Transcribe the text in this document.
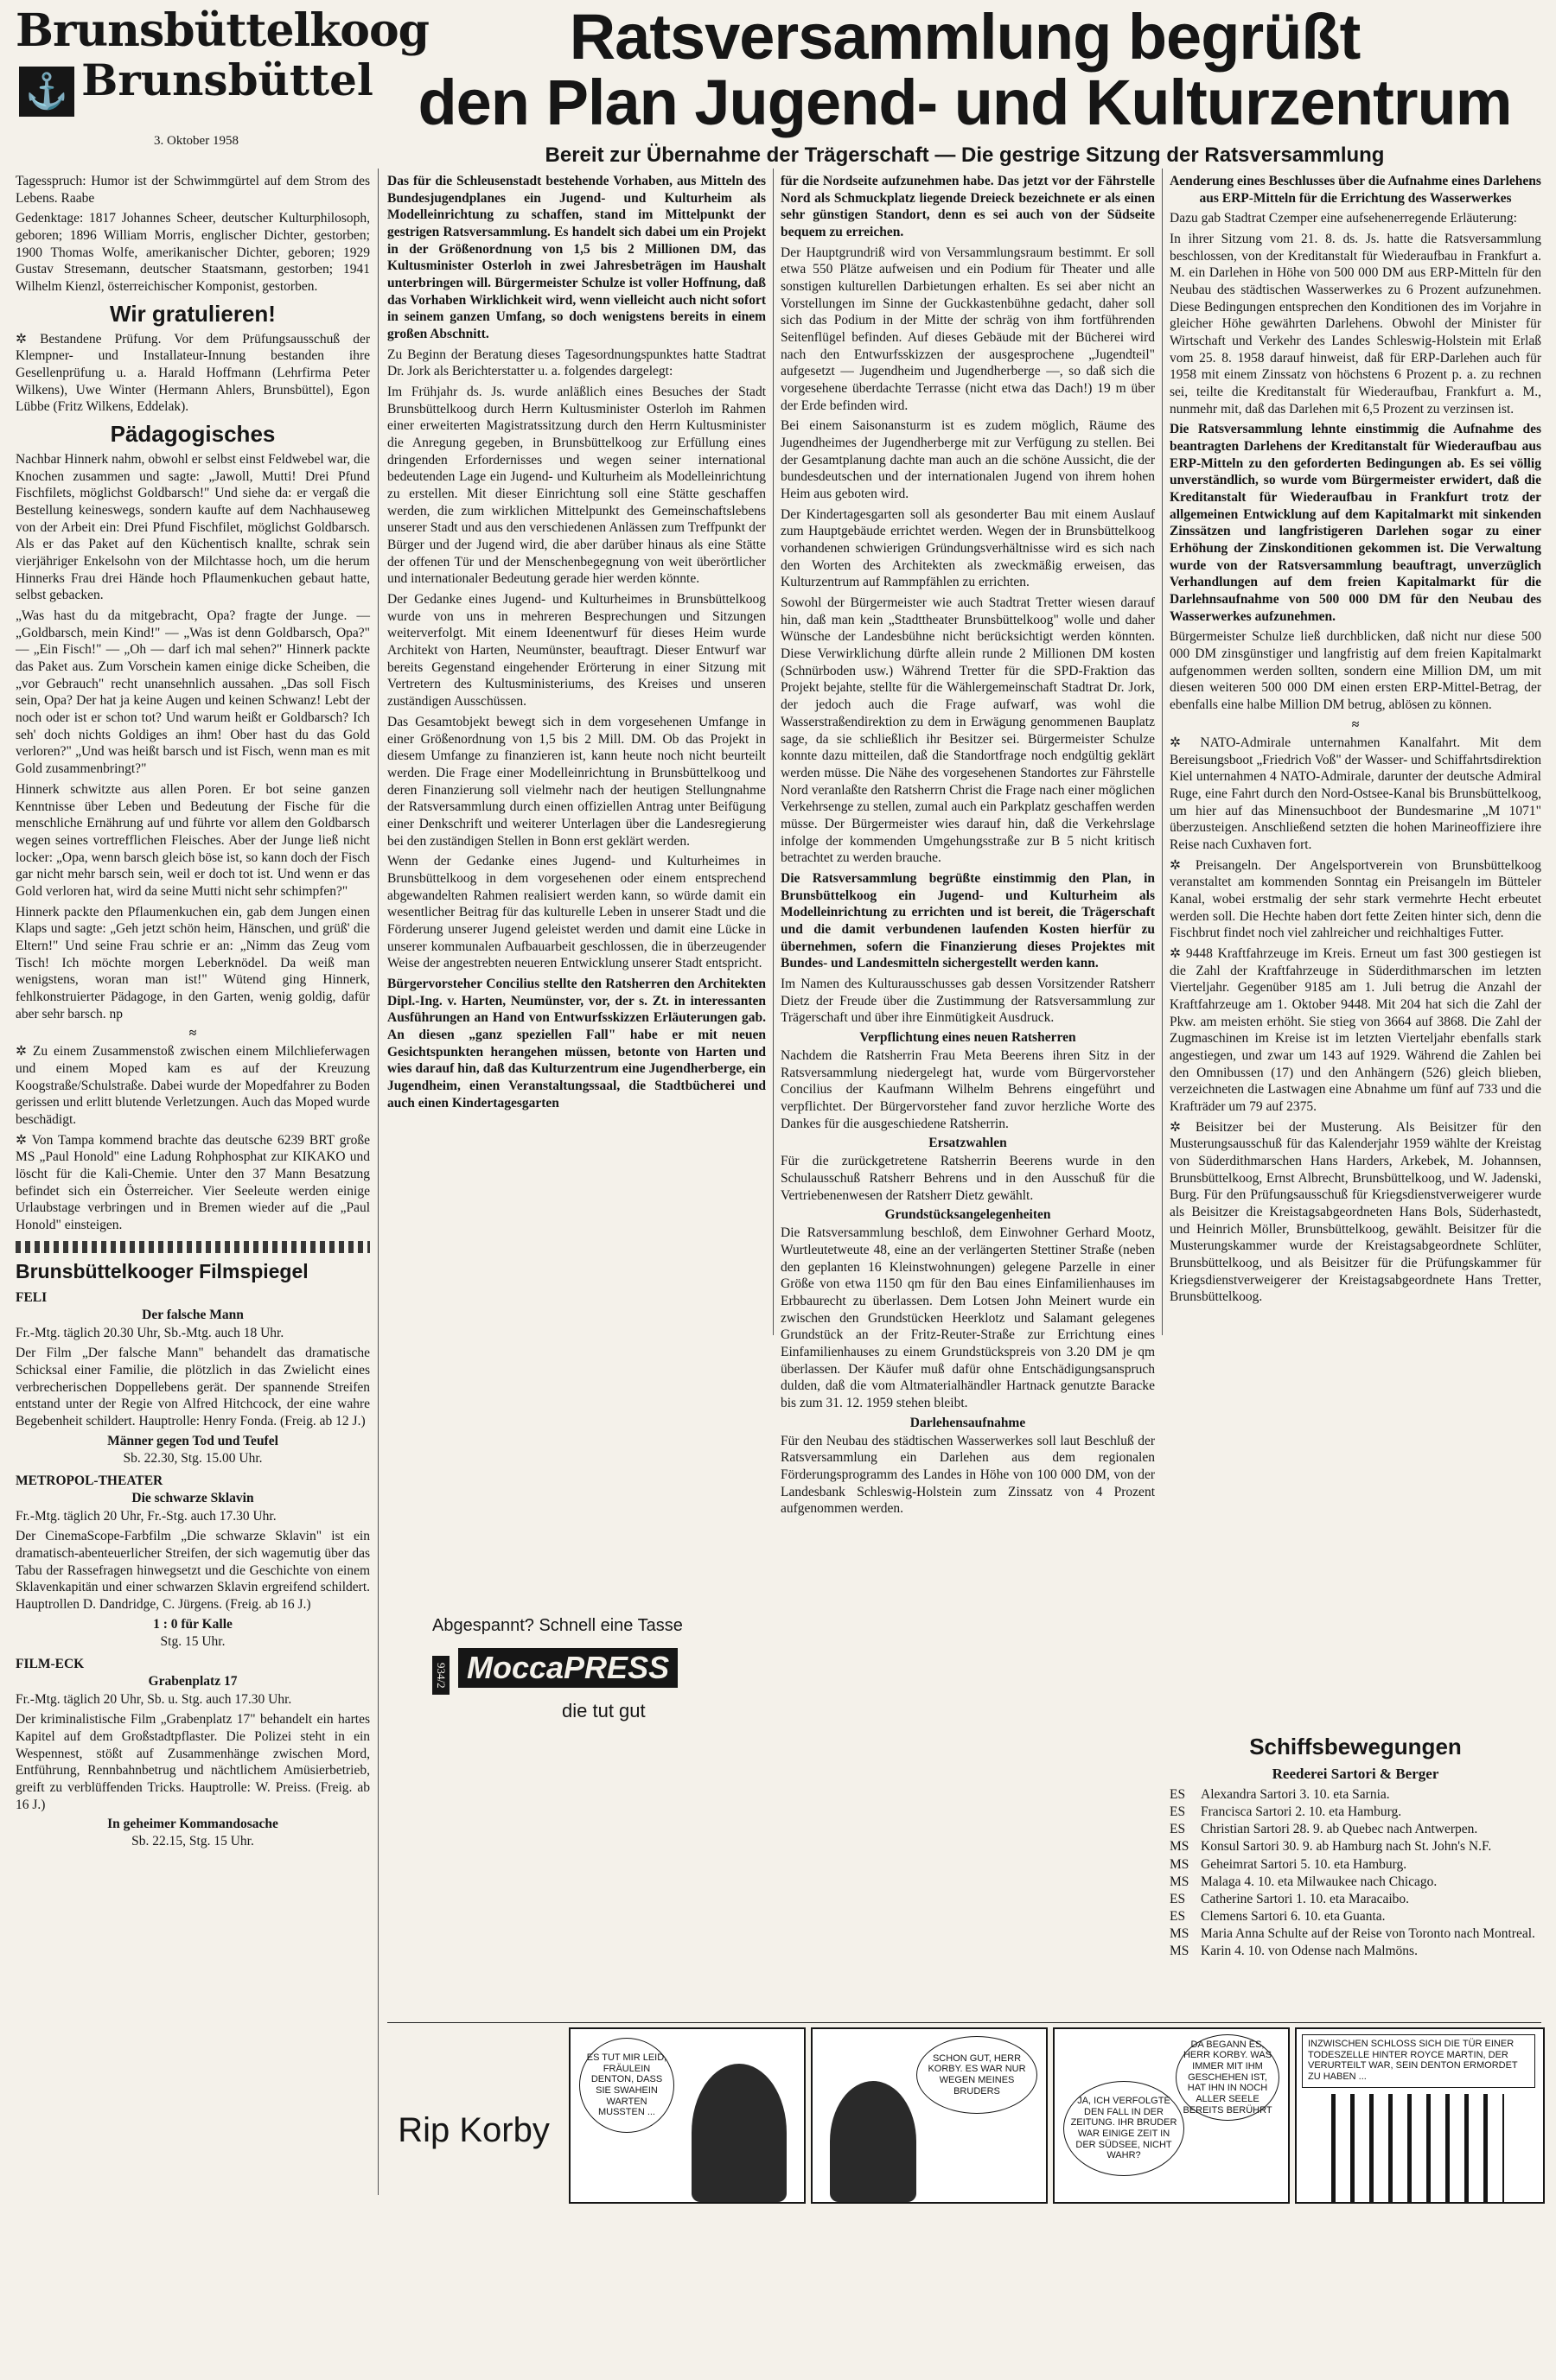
Brunsbüttelkoog
⚓ Brunsbüttel
3. Oktober 1958
Ratsversammlung begrüßt
den Plan Jugend- und Kulturzentrum
Bereit zur Übernahme der Trägerschaft — Die gestrige Sitzung der Ratsversammlung

Tagesspruch: Humor ist der Schwimmgürtel auf dem Strom des Lebens. Raabe

Gedenktage: 1817 Johannes Scheer, deutscher Kulturphilosoph, geboren; 1896 William Morris, englischer Dichter, gestorben; 1900 Thomas Wolfe, amerikanischer Dichter, geboren; 1929 Gustav Stresemann, deutscher Staatsmann, gestorben; 1941 Wilhelm Kienzl, österreichischer Komponist, gestorben.

Wir gratulieren!

✲ Bestandene Prüfung. Vor dem Prüfungsausschuß der Klempner- und Installateur-Innung bestanden ihre Gesellenprüfung u. a. Harald Hoffmann (Lehrfirma Peter Wilkens), Uwe Winter (Hermann Ahlers, Brunsbüttel), Egon Lübbe (Fritz Wilkens, Eddelak).

Pädagogisches

Nachbar Hinnerk nahm, obwohl er selbst einst Feldwebel war, die Knochen zusammen und sagte: „Jawoll, Mutti! Drei Pfund Fischfilets, möglichst Goldbarsch!" Und siehe da: er vergaß die Bestellung keineswegs, sondern kaufte auf dem Nachhauseweg von der Arbeit ein: Drei Pfund Fischfilet, möglichst Goldbarsch. Als er das Paket auf den Küchentisch knallte, schrak sein vierjähriger Enkelsohn von der Milchtasse hoch, um die herum Hinnerks Frau drei Hände hoch Pflaumenkuchen gebaut hatte, selbst gebacken.

„Was hast du da mitgebracht, Opa? fragte der Junge. — „Goldbarsch, mein Kind!" — „Was ist denn Goldbarsch, Opa?" — „Ein Fisch!" — „Oh — darf ich mal sehen?" Hinnerk packte das Paket aus. Zum Vorschein kamen einige dicke Scheiben, die „vor Gebrauch" recht unansehnlich aussahen. „Das soll Fisch sein, Opa? Der hat ja keine Augen und keinen Schwanz! Lebt der noch oder ist er schon tot? Und warum heißt er Goldbarsch? Ich seh' doch nichts Goldiges an ihm! Ober hast du das Gold verloren?" „Und was heißt barsch und ist Fisch, wenn man es mit Gold zusammenbringt?"

Hinnerk schwitzte aus allen Poren. Er bot seine ganzen Kenntnisse über Leben und Bedeutung der Fische für die menschliche Ernährung auf und führte vor allem den Goldbarsch wegen seines vortrefflichen Fleisches. Aber der Junge ließ nicht locker: „Opa, wenn barsch gleich böse ist, so kann doch der Fisch gar nicht mehr barsch sein, weil er doch tot ist. Und wenn er das Gold verloren hat, wird da seine Mutti nicht sehr schimpfen?"

Hinnerk packte den Pflaumenkuchen ein, gab dem Jungen einen Klaps und sagte: „Geh jetzt schön heim, Hänschen, und grüß' die Eltern!" Und seine Frau schrie er an: „Nimm das Zeug vom Tisch! Ich möchte morgen Leberknödel. Da weiß man wenigstens, woran man ist!" Wütend ging Hinnerk, fehlkonstruierter Pädagoge, in den Garten, wenig goldig, dafür aber sehr barsch. np

≈

✲ Zu einem Zusammenstoß zwischen einem Milchlieferwagen und einem Moped kam es auf der Kreuzung Koogstraße/Schulstraße. Dabei wurde der Mopedfahrer zu Boden gerissen und erlitt blutende Verletzungen. Auch das Moped wurde beschädigt.

✲ Von Tampa kommend brachte das deutsche 6239 BRT große MS „Paul Honold" eine Ladung Rohphosphat zur KIKAKO und löscht für die Kali-Chemie. Unter den 37 Mann Besatzung befindet sich ein Österreicher. Vier Seeleute werden einige Urlaubstage verbringen und in Bremen wieder auf die „Paul Honold" einsteigen.

Brunsbüttelkooger Filmspiegel
FELI
Der falsche Mann

Fr.-Mtg. täglich 20.30 Uhr, Sb.-Mtg. auch 18 Uhr.

Der Film „Der falsche Mann" behandelt das dramatische Schicksal einer Familie, die plötzlich in das Zwielicht eines verbrecherischen Doppellebens gerät. Der spannende Streifen entstand unter der Regie von Alfred Hitchcock, der eine wahre Begebenheit schildert. Hauptrolle: Henry Fonda. (Freig. ab 12 J.)

Männer gegen Tod und Teufel
Sb. 22.30, Stg. 15.00 Uhr.
METROPOL-THEATER
Die schwarze Sklavin

Fr.-Mtg. täglich 20 Uhr, Fr.-Stg. auch 17.30 Uhr.

Der CinemaScope-Farbfilm „Die schwarze Sklavin" ist ein dramatisch-abenteuerlicher Streifen, der sich wagemutig über das Tabu der Rassefragen hinwegsetzt und die Geschichte von einem Sklavenkapitän und einer schwarzen Sklavin ergreifend schildert. Hauptrollen D. Dandridge, C. Jürgens. (Freig. ab 16 J.)

1 : 0 für Kalle
Stg. 15 Uhr.
FILM-ECK
Grabenplatz 17

Fr.-Mtg. täglich 20 Uhr, Sb. u. Stg. auch 17.30 Uhr.

Der kriminalistische Film „Grabenplatz 17" behandelt ein hartes Kapitel auf dem Großstadtpflaster. Die Polizei steht in ein Wespennest, stößt auf Zusammenhänge zwischen Mord, Entführung, Rennbahnbetrug und nächtlichem Amüsierbetrieb, greift zu verblüffenden Tricks. Hauptrolle: W. Preiss. (Freig. ab 16 J.)

In geheimer Kommandosache
Sb. 22.15, Stg. 15 Uhr.

Das für die Schleusenstadt bestehende Vorhaben, aus Mitteln des Bundesjugendplanes ein Jugend- und Kulturheim als Modelleinrichtung zu schaffen, stand im Mittelpunkt der gestrigen Ratsversammlung. Es handelt sich dabei um ein Projekt in der Größenordnung von 1,5 bis 2 Millionen DM, das Kultusminister Osterloh in zwei Jahresbeträgen im Haushalt unterbringen will. Bürgermeister Schulze ist voller Hoffnung, daß das Vorhaben Wirklichkeit wird, wenn vielleicht auch nicht sofort in seinem ganzen Umfang, so doch wenigstens bereits in einem großen Abschnitt.

Zu Beginn der Beratung dieses Tagesordnungspunktes hatte Stadtrat Dr. Jork als Berichterstatter u. a. folgendes dargelegt:

Im Frühjahr ds. Js. wurde anläßlich eines Besuches der Stadt Brunsbüttelkoog durch Herrn Kultusminister Osterloh im Rahmen einer erweiterten Magistratssitzung durch den Herrn Kultusminister die Anregung gegeben, in Brunsbüttelkoog zur Erfüllung eines dringenden Erfordernisses und wegen seiner international bedeutenden Lage ein Jugend- und Kulturheim als Modelleinrichtung zu erstellen. Mit dieser Einrichtung soll eine Stätte geschaffen werden, die zum wirklichen Mittelpunkt des Gemeinschaftslebens unserer Stadt und aus den verschiedenen Anlässen zum Treffpunkt der Bürger und der Jugend wird, die aber darüber hinaus als eine Stätte der offenen Tür und der Menschenbegegnung von weit überörtlicher und internationaler Bedeutung gerade hier werden könnte.

Der Gedanke eines Jugend- und Kulturheimes in Brunsbüttelkoog wurde von uns in mehreren Besprechungen und Sitzungen weiterverfolgt. Mit einem Ideenentwurf für dieses Heim wurde Architekt von Harten, Neumünster, beauftragt. Dieser Entwurf war bereits Gegenstand eingehender Erörterung in einer Sitzung mit Vertretern des Kultusministeriums, des Kreises und unseren zuständigen Ausschüssen.

Das Gesamtobjekt bewegt sich in dem vorgesehenen Umfange in einer Größenordnung von 1,5 bis 2 Mill. DM. Ob das Projekt in diesem Umfange zu finanzieren ist, kann heute noch nicht beurteilt werden. Die Frage einer Modelleinrichtung in Brunsbüttelkoog und deren Finanzierung soll vielmehr nach der heutigen Stellungnahme der Ratsversammlung durch einen offiziellen Antrag unter Beifügung einer Denkschrift und weiterer Unterlagen über die Landesregierung bei den zuständigen Stellen in Bonn erst geklärt werden.

Wenn der Gedanke eines Jugend- und Kulturheimes in Brunsbüttelkoog in dem vorgesehenen oder einem entsprechend abgewandelten Rahmen realisiert werden kann, so würde damit ein wesentlicher Beitrag für das kulturelle Leben in unserer Stadt und die Förderung unserer Jugend geleistet werden und damit eine Lücke in unserer kommunalen Aufbauarbeit geschlossen, die in überzeugender Weise der angestrebten neueren Entwicklung unserer Stadt entspricht.

Bürgervorsteher Concilius stellte den Ratsherren den Architekten Dipl.-Ing. v. Harten, Neumünster, vor, der s. Zt. in interessanten Ausführungen an Hand von Entwurfsskizzen Erläuterungen gab. An diesen „ganz speziellen Fall" habe er mit neuen Gesichtspunkten herangehen müssen, betonte von Harten und wies darauf hin, daß das Kulturzentrum eine Jugendherberge, ein Jugendheim, einen Veranstaltungssaal, die Stadtbücherei und auch einen Kindertagesgarten

für die Nordseite aufzunehmen habe. Das jetzt vor der Fährstelle Nord als Schmuckplatz liegende Dreieck bezeichnete er als einen sehr günstigen Standort, denn es sei auch von der Südseite bequem zu erreichen.

Der Hauptgrundriß wird von Versammlungsraum bestimmt. Er soll etwa 550 Plätze aufweisen und ein Podium für Theater und alle sonstigen kulturellen Darbietungen erhalten. Es sei aber nicht an Vorstellungen im Sinne der Guckkastenbühne gedacht, daher soll sich das Podium in der Mitte der schräg von ihm fortführenden Seitenflügel befinden. Auf dieses Gebäude mit der Bücherei wird nach den Entwurfsskizzen der ausgesprochene „Jugendteil" aufgesetzt — Jugendheim und Jugendherberge —, so daß sich die vorgesehene überdachte Terrasse (nicht etwa das Dach!) 19 m über der Erde befinden wird.

Bei einem Saisonansturm ist es zudem möglich, Räume des Jugendheimes der Jugendherberge mit zur Verfügung zu stellen. Bei der Gesamtplanung dachte man auch an die schöne Aussicht, die der bundesdeutschen und der internationalen Jugend von ihrem hohen Heim aus geboten wird.

Der Kindertagesgarten soll als gesonderter Bau mit einem Auslauf zum Hauptgebäude errichtet werden. Wegen der in Brunsbüttelkoog vorhandenen schwierigen Gründungsverhältnisse wird es sich nach den Worten des Architekten als zweckmäßig erweisen, das Kulturzentrum auf Rammpfählen zu errichten.

Sowohl der Bürgermeister wie auch Stadtrat Tretter wiesen darauf hin, daß man kein „Stadttheater Brunsbüttelkoog" wolle und daher Wünsche der Landesbühne nicht berücksichtigt werden könnten. Diese Verwirklichung dürfte allein runde 2 Millionen DM kosten (Schnürboden usw.) Während Tretter für die SPD-Fraktion das Projekt bejahte, stellte für die Wählergemeinschaft Stadtrat Dr. Jork, der jedoch auch die Frage aufwarf, was wohl die Wasserstraßendirektion zu dem in Erwägung genommenen Bauplatz sage, da sie schließlich ihr Besitzer sei. Bürgermeister Schulze konnte dazu mitteilen, daß die Standortfrage noch endgültig geklärt werden müsse. Die Nähe des vorgesehenen Standortes zur Fährstelle Nord veranlaßte den Ratsherrn Christ die Frage nach einer möglichen Verkehrsenge zu stellen, zumal auch ein Parkplatz geschaffen werden müsse. Der Bürgermeister wies darauf hin, daß die Verkehrslage infolge der kommenden Umgehungsstraße zur B 5 nicht kritisch betrachtet zu werden brauche.

Die Ratsversammlung begrüßte einstimmig den Plan, in Brunsbüttelkoog ein Jugend- und Kulturheim als Modelleinrichtung zu errichten und ist bereit, die Trägerschaft und die damit verbundenen laufenden Kosten hierfür zu übernehmen, sofern die Finanzierung dieses Projektes mit Bundes- und Landesmitteln sichergestellt werden kann.

Im Namen des Kulturausschusses gab dessen Vorsitzender Ratsherr Dietz der Freude über die Zustimmung der Ratsversammlung zur Trägerschaft und über ihre Einmütigkeit Ausdruck.

Verpflichtung eines neuen Ratsherren

Nachdem die Ratsherrin Frau Meta Beerens ihren Sitz in der Ratsversammlung niedergelegt hat, wurde vom Bürgervorsteher Concilius der Kaufmann Wilhelm Behrens eingeführt und verpflichtet. Der Bürgervorsteher fand zuvor herzliche Worte des Dankes für die ausgeschiedene Ratsherrin.

Ersatzwahlen

Für die zurückgetretene Ratsherrin Beerens wurde in den Schulausschuß Ratsherr Behrens und in den Ausschuß für die Vertriebenenwesen der Ratsherr Dietz gewählt.

Grundstücksangelegenheiten

Die Ratsversammlung beschloß, dem Einwohner Gerhard Mootz, Wurtleutetweute 48, eine an der verlängerten Stettiner Straße (neben den geplanten 16 Kleinstwohnungen) gelegene Parzelle in einer Größe von etwa 1150 qm für den Bau eines Einfamilienhauses im Erbbaurecht zu überlassen. Dem Lotsen John Meinert wurde ein zwischen den Grundstücken Heerklotz und Salamant gelegenes Grundstück an der Fritz-Reuter-Straße zur Errichtung eines Einfamilienhauses zu einem Grundstückspreis von 3.20 DM je qm überlassen. Der Käufer muß dafür ohne Entschädigungsanspruch dulden, daß die vom Altmaterialhändler Hartnack genutzte Baracke bis zum 31. 12. 1959 stehen bleibt.

Darlehensaufnahme

Für den Neubau des städtischen Wasserwerkes soll laut Beschluß der Ratsversammlung ein Darlehen aus dem regionalen Förderungsprogramm des Landes in Höhe von 100 000 DM, von der Landesbank Schleswig-Holstein zum Zinssatz von 4 Prozent aufgenommen werden.

Aenderung eines Beschlusses über die Aufnahme eines Darlehens aus ERP-Mitteln für die Errichtung des Wasserwerkes

Dazu gab Stadtrat Czemper eine aufsehenerregende Erläuterung:

In ihrer Sitzung vom 21. 8. ds. Js. hatte die Ratsversammlung beschlossen, von der Kreditanstalt für Wiederaufbau in Frankfurt a. M. ein Darlehen in Höhe von 500 000 DM aus ERP-Mitteln für den Neubau des städtischen Wasserwerkes zu 6 Prozent aufzunehmen. Diese Bedingungen entsprechen den Konditionen des im Vorjahre in gleicher Höhe gewährten Darlehens. Obwohl der Minister für Wirtschaft und Verkehr des Landes Schleswig-Holstein mit Erlaß vom 25. 8. 1958 darauf hinweist, daß für ERP-Darlehen auch für 1958 mit einem Zinssatz von höchstens 6 Prozent p. a. zu rechnen sei, teilte die Kreditanstalt für Wiederaufbau, Frankfurt a. M., nunmehr mit, daß das Darlehen mit 6,5 Prozent zu verzinsen ist.

Die Ratsversammlung lehnte einstimmig die Aufnahme des beantragten Darlehens der Kreditanstalt für Wiederaufbau aus ERP-Mitteln zu den geforderten Bedingungen ab. Es sei völlig unverständlich, so wurde vom Bürgermeister erwidert, daß die Kreditanstalt für Wiederaufbau in Frankfurt trotz der allgemeinen Entwicklung auf dem Kapitalmarkt mit sinkenden Zinssätzen und langfristigeren Darlehen sogar zu einer Erhöhung der Zinskonditionen gekommen ist. Die Verwaltung wurde von der Ratsversammlung beauftragt, unverzüglich Verhandlungen auf dem freien Kapitalmarkt für die Darlehnsaufnahme von 500 000 DM für den Neubau des Wasserwerkes aufzunehmen.

Bürgermeister Schulze ließ durchblicken, daß nicht nur diese 500 000 DM zinsgünstiger und langfristig auf dem freien Kapitalmarkt aufgenommen werden sollten, sondern eine Million DM, um mit diesen weiteren 500 000 DM einen ersten ERP-Mittel-Betrag, der ebenfalls eine halbe Million DM betrug, ablösen zu können.

≈

✲ NATO-Admirale unternahmen Kanalfahrt. Mit dem Bereisungsboot „Friedrich Voß" der Wasser- und Schiffahrtsdirektion Kiel unternahmen 4 NATO-Admirale, darunter der deutsche Admiral Ruge, eine Fahrt durch den Nord-Ostsee-Kanal bis Brunsbüttelkoog, um hier auf das Minensuchboot der Bundesmarine „M 1071" überzusteigen. Anschließend setzten die hohen Marineoffiziere ihre Reise nach Cuxhaven fort.

✲ Preisangeln. Der Angelsportverein von Brunsbüttelkoog veranstaltet am kommenden Sonntag ein Preisangeln im Bütteler Kanal, wobei erstmalig der sehr stark vermehrte Hecht erbeutet werden soll. Die Hechte haben dort fette Zeiten hinter sich, denn die Fischbrut findet noch viel zahlreicher und reichhaltiges Futter.

✲ 9448 Kraftfahrzeuge im Kreis. Erneut um fast 300 gestiegen ist die Zahl der Kraftfahrzeuge in Süderdithmarschen im letzten Vierteljahr. Gegenüber 9185 am 1. Juli betrug die Anzahl der Kraftfahrzeuge am 1. Oktober 9448. Mit 204 hat sich die Zahl der Pkw. am meisten erhöht. Sie stieg von 3664 auf 3868. Die Zahl der Zugmaschinen im Kreise ist im letzten Vierteljahr ebenfalls stark angestiegen, und zwar um 143 auf 1929. Während die Zahlen bei den Omnibussen (17) und den Anhängern (526) gleich blieben, verzeichneten die Lastwagen eine Abnahme um fünf auf 733 und die Krafträder um 79 auf 2375.

✲ Beisitzer bei der Musterung. Als Beisitzer für den Musterungsausschuß für das Kalenderjahr 1959 wählte der Kreistag von Süderdithmarschen Hans Harders, Arkebek, M. Johannsen, Brunsbüttelkoog, Ernst Albrecht, Brunsbüttelkoog, und W. Jadenski, Burg. Für den Prüfungsausschuß für Kriegsdienstverweigerer wurde als Beisitzer die Kreistagsabgeordneten Hans Bols, Süderhastedt, und Heinrich Möller, Brunsbüttelkoog, gewählt. Beisitzer für die Musterungskammer wurde der Kreistagsabgeordnete Schlüter, Brunsbüttelkoog, und als Beisitzer für die Prüfungskammer für Kriegsdienstverweigerer der Kreistagsabgeordnete Hans Tretter, Brunsbüttelkoog.

Abgespannt? Schnell eine Tasse
934/2 MoccaPRESS
die tut gut
Schiffsbewegungen
Reederei Sartori & Berger
ES	Alexandra Sartori 3. 10. eta Sarnia.
ES	Francisca Sartori 2. 10. eta Hamburg.
ES	Christian Sartori 28. 9. ab Quebec nach Antwerpen.
MS Konsul Sartori 30. 9. ab Hamburg nach St. John's N.F.
MS Geheimrat Sartori 5. 10. eta Hamburg.
MS Malaga 4. 10. eta Milwaukee nach Chicago.
ES	Catherine Sartori 1. 10. eta Maracaibo.
ES	Clemens Sartori 6. 10. eta Guanta.
MS Maria Anna Schulte auf der Reise von Toronto nach Montreal.
MS Karin 4. 10. von Odense nach Malmöns.
Rip Korby
ES TUT MIR LEID, FRÄULEIN DENTON, DASS SIE SWAHEIN WARTEN MUSSTEN ...
SCHON GUT, HERR KORBY. ES WAR NUR WEGEN MEINES BRUDERS
JA, ICH VERFOLGTE DEN FALL IN DER ZEITUNG. IHR BRUDER WAR EINIGE ZEIT IN DER SÜDSEE, NICHT WAHR?
DA BEGANN ES, HERR KORBY. WAS IMMER MIT IHM GESCHEHEN IST, HAT IHN IN NOCH ALLER SEELE BEREITS BERÜHRT
INZWISCHEN SCHLOSS SICH DIE TÜR EINER TODESZELLE HINTER ROYCE MARTIN, DER VERURTEILT WAR, SEIN DENTON ERMORDET ZU HABEN ...
